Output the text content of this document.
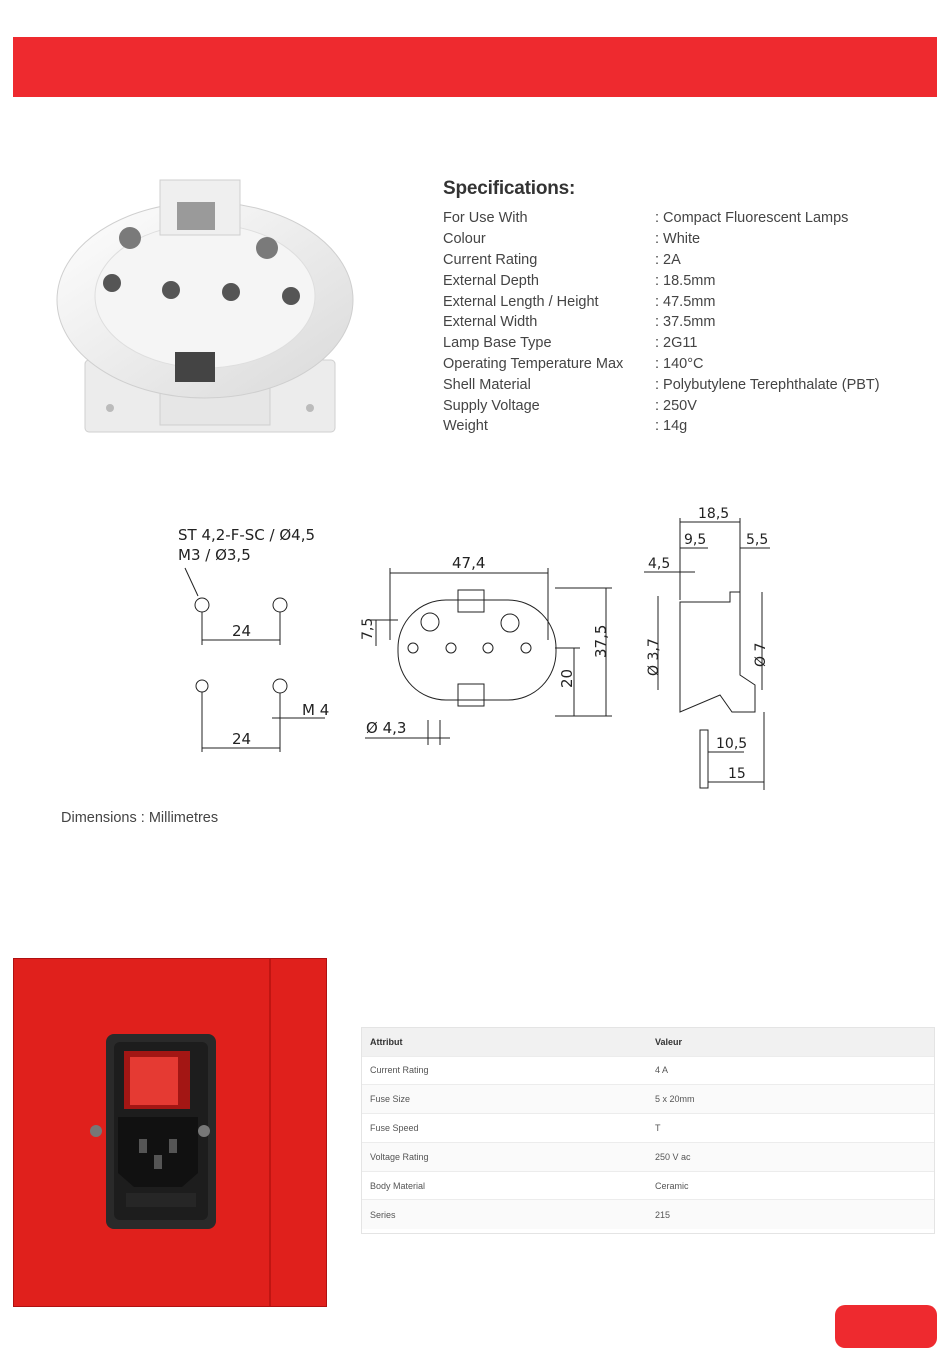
Specifications:
For Use With	: Compact Fluorescent Lamps
Colour	: White
Current Rating	: 2A
External Depth	: 18.5mm
External Length / Height	: 47.5mm
External Width	: 37.5mm
Lamp Base Type	: 2G11
Operating Temperature Max	: 140°C
Shell Material	: Polybutylene Terephthalate (PBT)
Supply Voltage	: 250V
Weight	: 14g
ST 4,2-F-SC / Ø4,5
M3 / Ø3,5
24
24
M 4
47,4
37,5
20
7,5
Ø 4,3
18,5
9,5	5,5
4,5
Ø 3,7	Ø 7
10,5
15
Dimensions : Millimetres
Attribut	Valeur
Current Rating	4 A
Fuse Size	5 x 20mm
Fuse Speed	T
Voltage Rating	250 V ac
Body Material	Ceramic
Series	215
